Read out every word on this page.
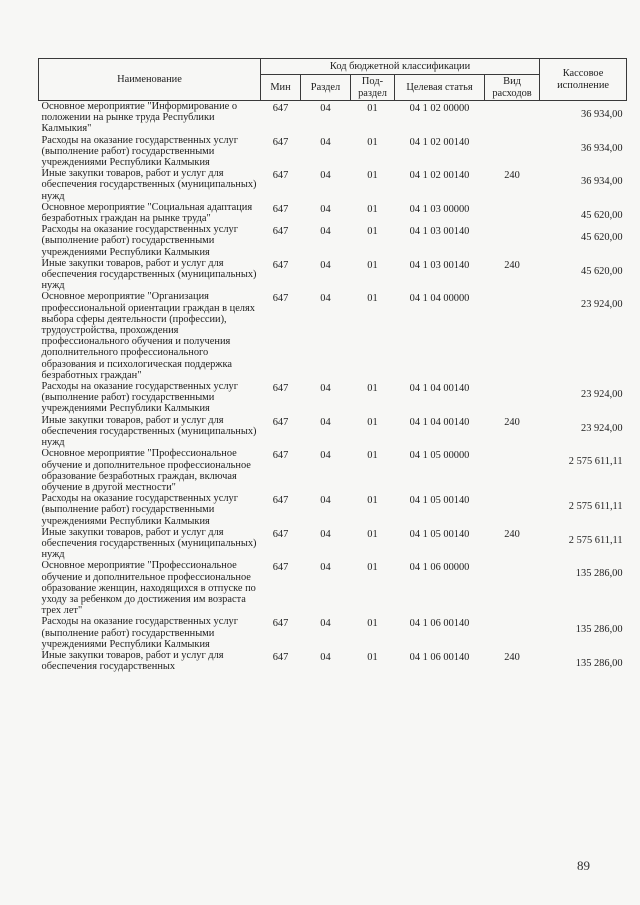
Наименование	Код бюджетной классификации					Кассовое исполнение
	Мин	Раздел	Под-раздел	Целевая статья	Вид расходов	
Основное мероприятие "Информирование о положении на рынке труда Республики Калмыкия"	647	04	01	04 1 02 00000		36 934,00
Расходы на оказание государственных услуг (выполнение работ) государственными учреждениями Республики Калмыкия	647	04	01	04 1 02 00140		36 934,00
Иные закупки товаров, работ и услуг для обеспечения государственных (муниципальных) нужд	647	04	01	04 1 02 00140	240	36 934,00
Основное мероприятие "Социальная адаптация безработных граждан на рынке труда"	647	04	01	04 1 03 00000		45 620,00
Расходы на оказание государственных услуг (выполнение работ) государственными учреждениями Республики Калмыкия	647	04	01	04 1 03 00140		45 620,00
Иные закупки товаров, работ и услуг для обеспечения государственных (муниципальных) нужд	647	04	01	04 1 03 00140	240	45 620,00
Основное мероприятие "Организация профессиональной ориентации граждан в целях выбора сферы деятельности (профессии), трудоустройства, прохождения профессионального обучения и получения дополнительного профессионального образования и психологическая поддержка безработных граждан"	647	04	01	04 1 04 00000		23 924,00
Расходы на оказание государственных услуг (выполнение работ) государственными учреждениями Республики Калмыкия	647	04	01	04 1 04 00140		23 924,00
Иные закупки товаров, работ и услуг для обеспечения государственных (муниципальных) нужд	647	04	01	04 1 04 00140	240	23 924,00
Основное мероприятие "Профессиональное обучение и дополнительное профессиональное образование безработных граждан, включая обучение в другой местности"	647	04	01	04 1 05 00000		2 575 611,11
Расходы на оказание государственных услуг (выполнение работ) государственными учреждениями Республики Калмыкия	647	04	01	04 1 05 00140		2 575 611,11
Иные закупки товаров, работ и услуг для обеспечения государственных (муниципальных) нужд	647	04	01	04 1 05 00140	240	2 575 611,11
Основное мероприятие "Профессиональное обучение и дополнительное профессиональное образование женщин, находящихся в отпуске по уходу за ребенком до достижения им возраста трех лет"	647	04	01	04 1 06 00000		135 286,00
Расходы на оказание государственных услуг (выполнение работ) государственными учреждениями Республики Калмыкия	647	04	01	04 1 06 00140		135 286,00
Иные закупки товаров, работ и услуг для обеспечения государственных	647	04	01	04 1 06 00140	240	135 286,00
89
